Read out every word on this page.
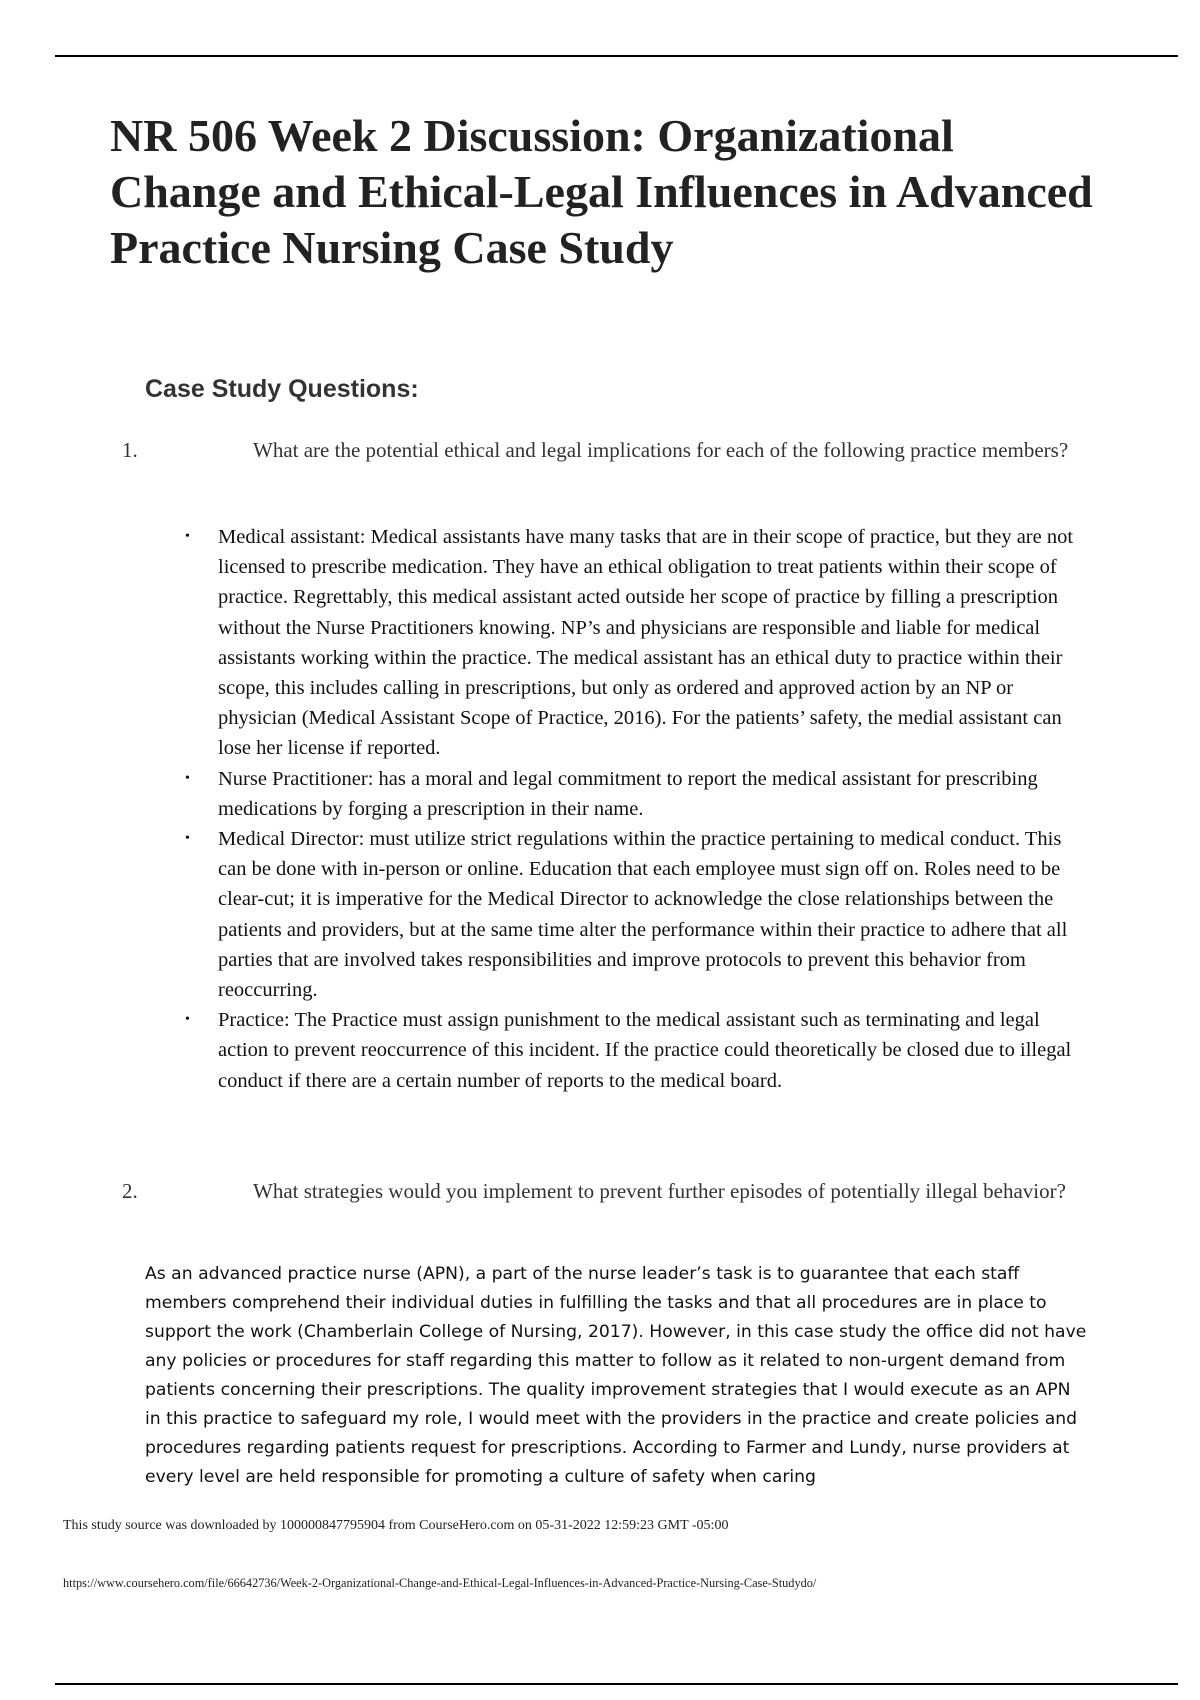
NR 506 Week 2 Discussion: Organizational Change and Ethical-Legal Influences in Advanced Practice Nursing Case Study
Case Study Questions:
1.	What are the potential ethical and legal implications for each of the following practice members?
• Medical assistant: Medical assistants have many tasks that are in their scope of practice, but they are not licensed to prescribe medication. They have an ethical obligation to treat patients within their scope of practice. Regrettably, this medical assistant acted outside her scope of practice by filling a prescription without the Nurse Practitioners knowing. NP’s and physicians are responsible and liable for medical assistants working within the practice. The medical assistant has an ethical duty to practice within their scope, this includes calling in prescriptions, but only as ordered and approved action by an NP or physician (Medical Assistant Scope of Practice, 2016). For the patients’ safety, the medial assistant can lose her license if reported.
• Nurse Practitioner: has a moral and legal commitment to report the medical assistant for prescribing medications by forging a prescription in their name.
• Medical Director: must utilize strict regulations within the practice pertaining to medical conduct. This can be done with in-person or online. Education that each employee must sign off on. Roles need to be clear-cut; it is imperative for the Medical Director to acknowledge the close relationships between the patients and providers, but at the same time alter the performance within their practice to adhere that all parties that are involved takes responsibilities and improve protocols to prevent this behavior from reoccurring.
• Practice: The Practice must assign punishment to the medical assistant such as terminating and legal action to prevent reoccurrence of this incident. If the practice could theoretically be closed due to illegal conduct if there are a certain number of reports to the medical board.
2.	What strategies would you implement to prevent further episodes of potentially illegal behavior?

As an advanced practice nurse (APN), a part of the nurse leader’s task is to guarantee that each staff members comprehend their individual duties in fulfilling the tasks and that all procedures are in place to support the work (Chamberlain College of Nursing, 2017). However, in this case study the office did not have any policies or procedures for staff regarding this matter to follow as it related to non-urgent demand from patients concerning their prescriptions. The quality improvement strategies that I would execute as an APN in this practice to safeguard my role, I would meet with the providers in the practice and create policies and procedures regarding patients request for prescriptions. According to Farmer and Lundy, nurse providers at every level are held responsible for promoting a culture of safety when caring

This study source was downloaded by 100000847795904 from CourseHero.com on 05-31-2022 12:59:23 GMT -05:00

https://www.coursehero.com/file/66642736/Week-2-Organizational-Change-and-Ethical-Legal-Influences-in-Advanced-Practice-Nursing-Case-Studydo/
